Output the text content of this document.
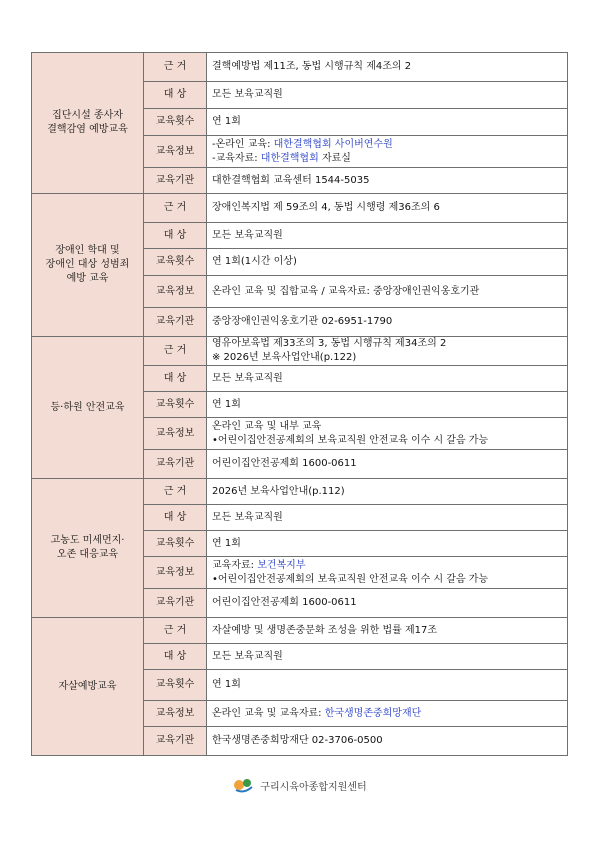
집단시설 종사자
결핵감염 예방교육	근 거	결핵예방법 제11조, 동법 시행규칙 제4조의 2

	대 상	모든 보육교직원

	교육횟수	연 1회

	교육정보	-온라인 교육: 대한결핵협회 사이버연수원
-교육자료: 대한결핵협회 자료실

	교육기관	대한결핵협회 교육센터 1544-5035

장애인 학대 및
장애인 대상 성범죄
예방 교육	근 거	장애인복지법 제 59조의 4, 동법 시행령 제36조의 6

	대 상	모든 보육교직원

	교육횟수	연 1회(1시간 이상)

	교육정보	온라인 교육 및 집합교육 / 교육자료: 중앙장애인권익옹호기관

	교육기관	중앙장애인권익옹호기관 02-6951-1790

등·하원 안전교육	근 거	영유아보육법 제33조의 3, 동법 시행규칙 제34조의 2
※ 2026년 보육사업안내(p.122)

	대 상	모든 보육교직원

	교육횟수	연 1회

	교육정보	온라인 교육 및 내부 교육
•어린이집안전공제회의 보육교직원 안전교육 이수 시 갈음 가능

	교육기관	어린이집안전공제회 1600-0611

고농도 미세먼지·
오존 대응교육	근 거	2026년 보육사업안내(p.112)

	대 상	모든 보육교직원

	교육횟수	연 1회

	교육정보	교육자료: 보건복지부
•어린이집안전공제회의 보육교직원 안전교육 이수 시 갈음 가능

	교육기관	어린이집안전공제회 1600-0611

자살예방교육	근 거	자살예방 및 생명존중문화 조성을 위한 법률 제17조

	대 상	모든 보육교직원

	교육횟수	연 1회

	교육정보	온라인 교육 및 교육자료: 한국생명존중희망재단

	교육기관	한국생명존중희망재단 02-3706-0500
구리시육아종합지원센터
